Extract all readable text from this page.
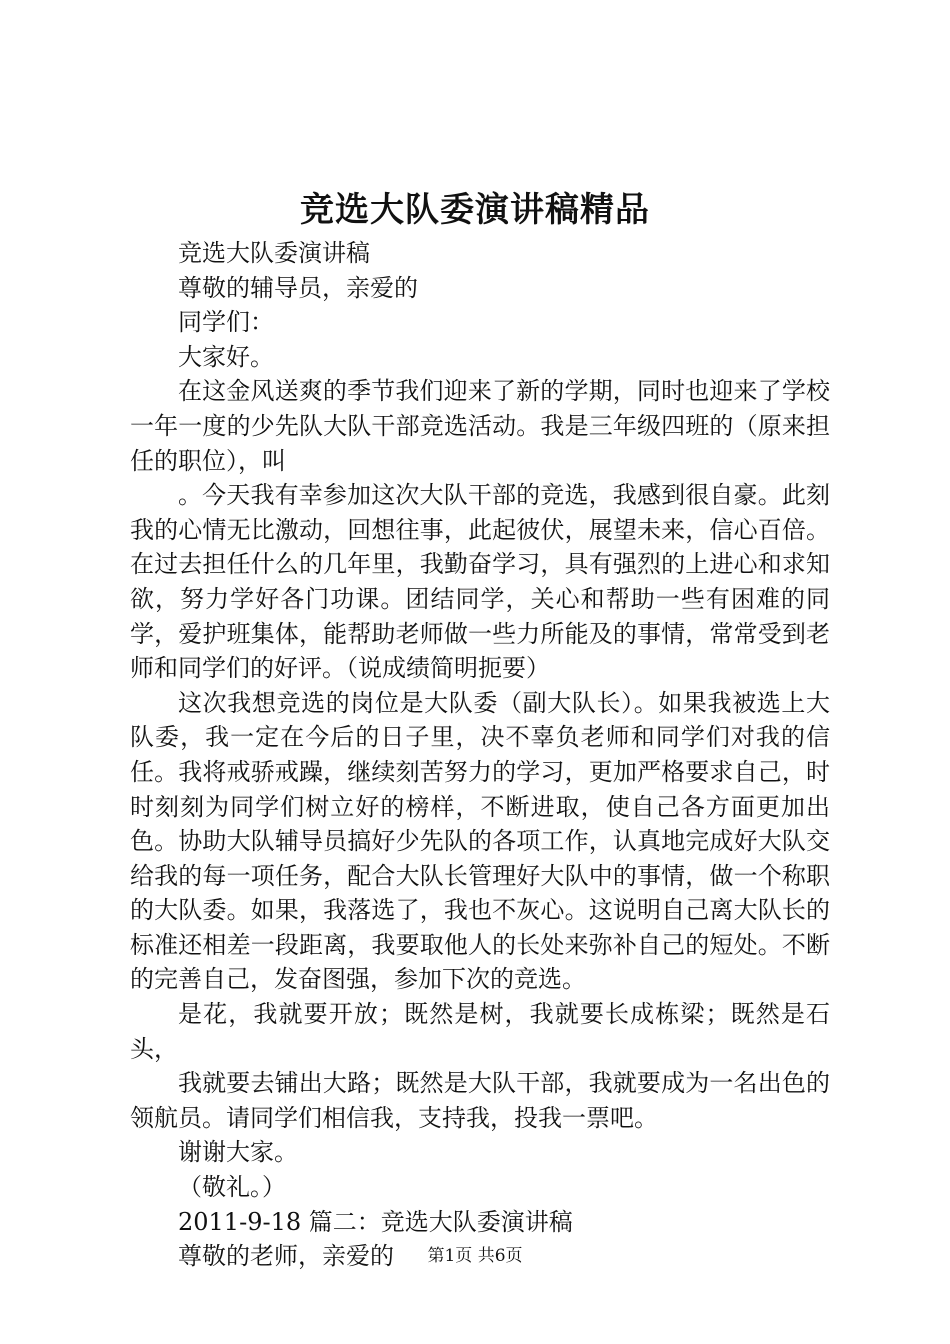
竞选大队委演讲稿精品

竞选大队委演讲稿

尊敬的辅导员，亲爱的

同学们：

大家好。

在这金风送爽的季节我们迎来了新的学期，同时也迎来了学校一年一度的少先队大队干部竞选活动。我是三年级四班的（原来担任的职位），叫

。今天我有幸参加这次大队干部的竞选，我感到很自豪。此刻我的心情无比激动，回想往事，此起彼伏，展望未来，信心百倍。在过去担任什么的几年里，我勤奋学习，具有强烈的上进心和求知欲，努力学好各门功课。团结同学，关心和帮助一些有困难的同学，爱护班集体，能帮助老师做一些力所能及的事情，常常受到老师和同学们的好评。（说成绩简明扼要）

这次我想竞选的岗位是大队委（副大队长）。如果我被选上大队委，我一定在今后的日子里，决不辜负老师和同学们对我的信任。我将戒骄戒躁，继续刻苦努力的学习，更加严格要求自己，时时刻刻为同学们树立好的榜样，不断进取，使自己各方面更加出色。协助大队辅导员搞好少先队的各项工作，认真地完成好大队交给我的每一项任务，配合大队长管理好大队中的事情，做一个称职的大队委。如果，我落选了，我也不灰心。这说明自己离大队长的标准还相差一段距离，我要取他人的长处来弥补自己的短处。不断的完善自己，发奋图强，参加下次的竞选。

是花，我就要开放；既然是树，我就要长成栋梁；既然是石头，

我就要去铺出大路；既然是大队干部，我就要成为一名出色的领航员。请同学们相信我，支持我，投我一票吧。

谢谢大家。

（敬礼。）

2011-9-18 篇二：竞选大队委演讲稿

尊敬的老师，亲爱的	第1页 共6页
